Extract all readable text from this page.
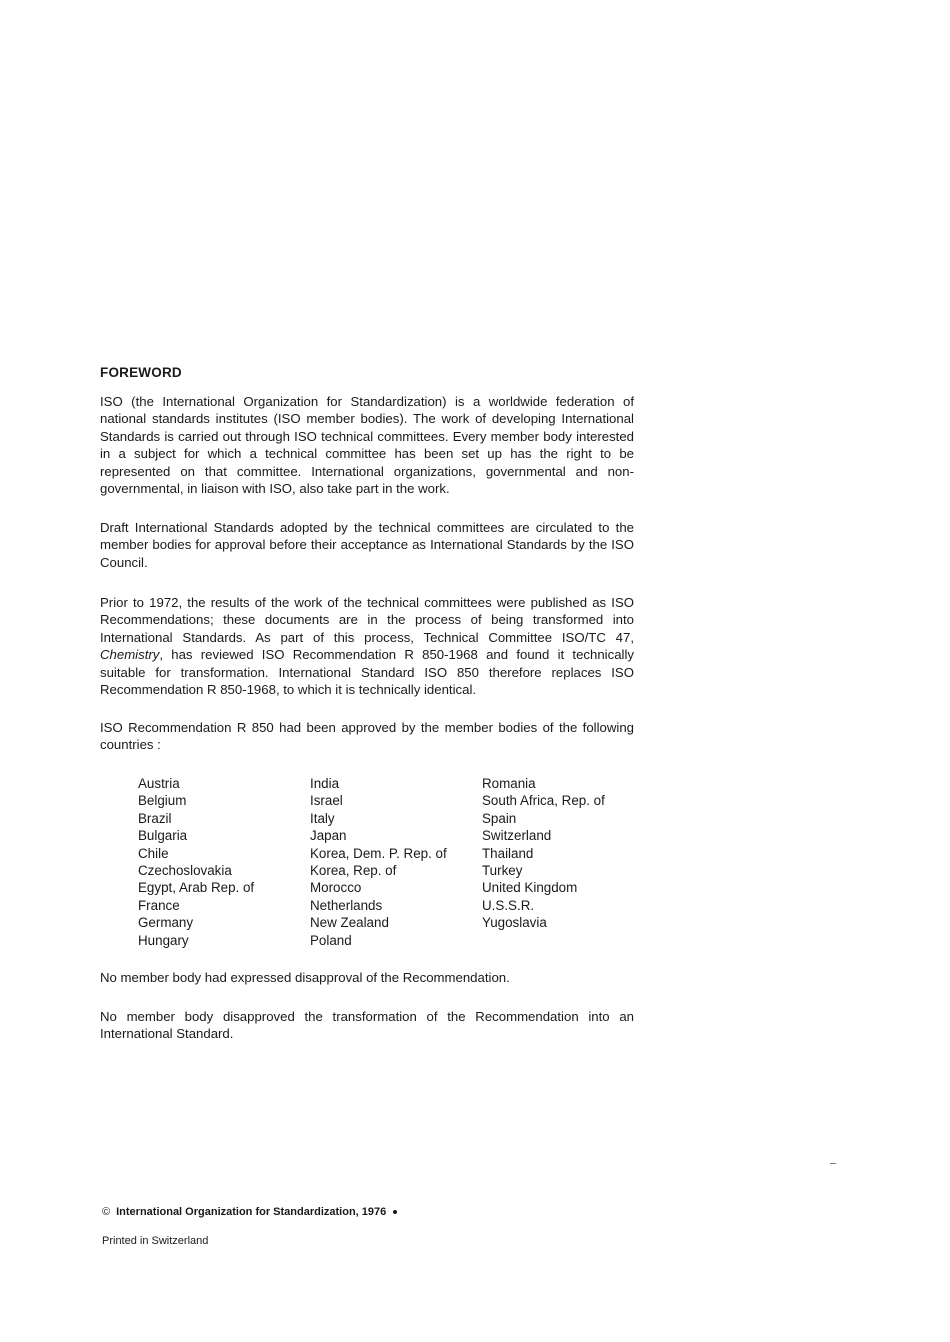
FOREWORD
ISO (the International Organization for Standardization) is a worldwide federation of national standards institutes (ISO member bodies). The work of developing International Standards is carried out through ISO technical committees. Every member body interested in a subject for which a technical committee has been set up has the right to be represented on that committee. International organizations, governmental and non-governmental, in liaison with ISO, also take part in the work.
Draft International Standards adopted by the technical committees are circulated to the member bodies for approval before their acceptance as International Standards by the ISO Council.
Prior to 1972, the results of the work of the technical committees were published as ISO Recommendations; these documents are in the process of being transformed into International Standards. As part of this process, Technical Committee ISO/TC 47, Chemistry, has reviewed ISO Recommendation R 850-1968 and found it technically suitable for transformation. International Standard ISO 850 therefore replaces ISO Recommendation R 850-1968, to which it is technically identical.
ISO Recommendation R 850 had been approved by the member bodies of the following countries :
Austria
Belgium
Brazil
Bulgaria
Chile
Czechoslovakia
Egypt, Arab Rep. of
France
Germany
Hungary
India
Israel
Italy
Japan
Korea, Dem. P. Rep. of
Korea, Rep. of
Morocco
Netherlands
New Zealand
Poland
Romania
South Africa, Rep. of
Spain
Switzerland
Thailand
Turkey
United Kingdom
U.S.S.R.
Yugoslavia
No member body had expressed disapproval of the Recommendation.
No member body disapproved the transformation of the Recommendation into an International Standard.
© International Organization for Standardization, 1976
Printed in Switzerland
